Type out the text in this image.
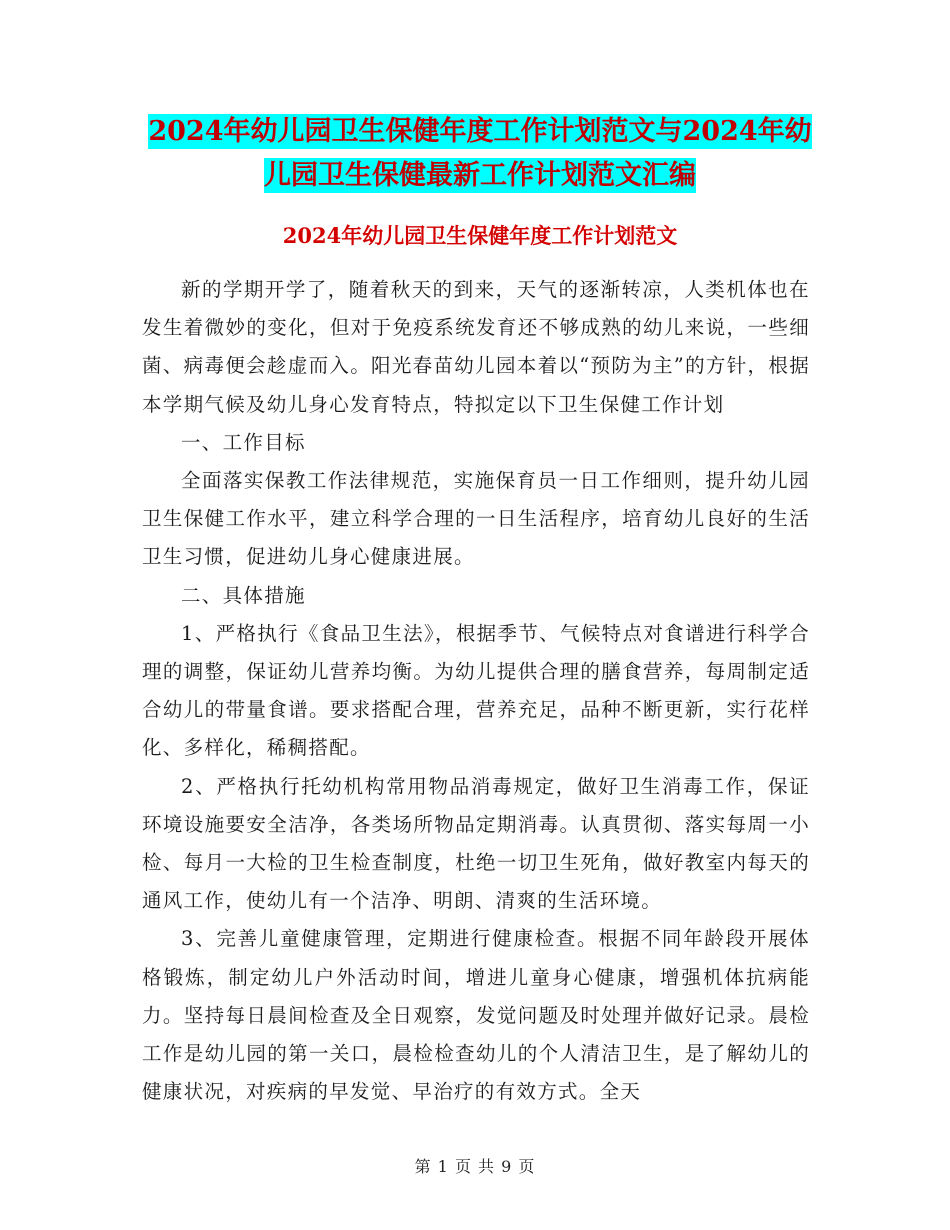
2024年幼儿园卫生保健年度工作计划范文与2024年幼
儿园卫生保健最新工作计划范文汇编
2024年幼儿园卫生保健年度工作计划范文

新的学期开学了，随着秋天的到来，天气的逐渐转凉，人类机体也在发生着微妙的变化，但对于免疫系统发育还不够成熟的幼儿来说，一些细菌、病毒便会趁虚而入。阳光春苗幼儿园本着以“预防为主”的方针，根据本学期气候及幼儿身心发育特点，特拟定以下卫生保健工作计划

一、工作目标

全面落实保教工作法律规范，实施保育员一日工作细则，提升幼儿园卫生保健工作水平，建立科学合理的一日生活程序，培育幼儿良好的生活卫生习惯，促进幼儿身心健康进展。

二、具体措施

1、严格执行《食品卫生法》，根据季节、气候特点对食谱进行科学合理的调整，保证幼儿营养均衡。为幼儿提供合理的膳食营养，每周制定适合幼儿的带量食谱。要求搭配合理，营养充足，品种不断更新，实行花样化、多样化，稀稠搭配。

2、严格执行托幼机构常用物品消毒规定，做好卫生消毒工作，保证环境设施要安全洁净，各类场所物品定期消毒。认真贯彻、落实每周一小检、每月一大检的卫生检查制度，杜绝一切卫生死角，做好教室内每天的通风工作，使幼儿有一个洁净、明朗、清爽的生活环境。

3、完善儿童健康管理，定期进行健康检查。根据不同年龄段开展体格锻炼，制定幼儿户外活动时间，增进儿童身心健康，增强机体抗病能力。坚持每日晨间检查及全日观察，发觉问题及时处理并做好记录。晨检工作是幼儿园的第一关口，晨检检查幼儿的个人清洁卫生，是了解幼儿的健康状况，对疾病的早发觉、早治疗的有效方式。全天

第 1 页 共 9 页
